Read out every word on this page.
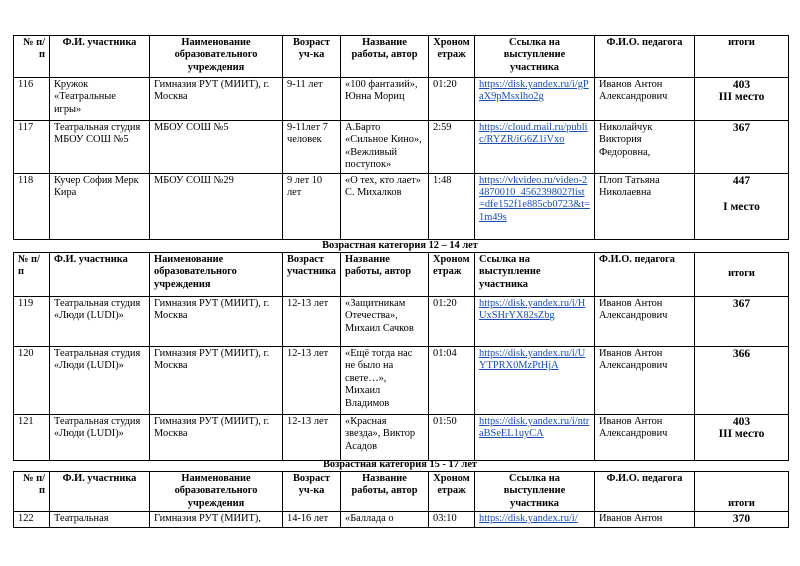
№ п/п	Ф.И. участника	Наименование образовательного учреждения	Возраст уч-ка	Название работы, автор	Хронометраж	Ссылка на выступление участника	Ф.И.О. педагога	итоги
116	Кружок «Театральные игры»	Гимназия РУТ (МИИТ), г. Москва	9-11 лет	«100 фантазий», Юнна Мориц	01:20	https://disk.yandex.ru/i/gPaX9pMsxlho2g	Иванов Антон Александрович	403
III место

117	Театральная студия МБОУ СОШ №5	МБОУ СОШ №5	9-11лет 7 человек	А.Барто «Сильное Кино», «Вежливый поступок»	2:59	https://cloud.mail.ru/public/RYZR/iG6Z1iVxo	Николайчук Виктория Федоровна,	367

118	Кучер София Мерк Кира	МБОУ СОШ №29	9 лет 10 лет	«О тех, кто лает» С. Михалков	1:48	https://vkvideo.ru/video-24870010_456239802?list=dfe152f1e885cb0723&t=1m49s	Плоп Татьяна Николаевна	447
I место
Возрастная категория 12 – 14 лет
№ п/п	Ф.И. участника	Наименование образовательного учреждения	Возраст участника	Название работы, автор	Хронометраж	Ссылка на выступление участника	Ф.И.О. педагога	итоги
119	Театральная студия «Люди (LUDI)»	Гимназия РУТ (МИИТ), г. Москва	12-13 лет	«Защитникам Отечества», Михаил Сачков	01:20	https://disk.yandex.ru/i/HUxSHrYX82sZbg	Иванов Антон Александрович	367

120	Театральная студия «Люди (LUDI)»	Гимназия РУТ (МИИТ), г. Москва	12-13 лет	«Ещё тогда нас не было на свете…», Михаил Владимов	01:04	https://disk.yandex.ru/i/UYTPRX0MzPtHjA	Иванов Антон Александрович	366

121	Театральная студия «Люди (LUDI)»	Гимназия РУТ (МИИТ), г. Москва	12-13 лет	«Красная звезда», Виктор Асадов	01:50	https://disk.yandex.ru/i/ntraBSeEL1uyCA	Иванов Антон Александрович	403
III место
Возрастная категория 15 - 17 лет
№ п/п	Ф.И. участника	Наименование образовательного учреждения	Возраст уч-ка	Название работы, автор	Хронометраж	Ссылка на выступление участника	Ф.И.О. педагога	итоги
122	Театральная	Гимназия РУТ (МИИТ),	14-16 лет	«Баллада о	03:10	https://disk.yandex.ru/i/	Иванов Антон	370
